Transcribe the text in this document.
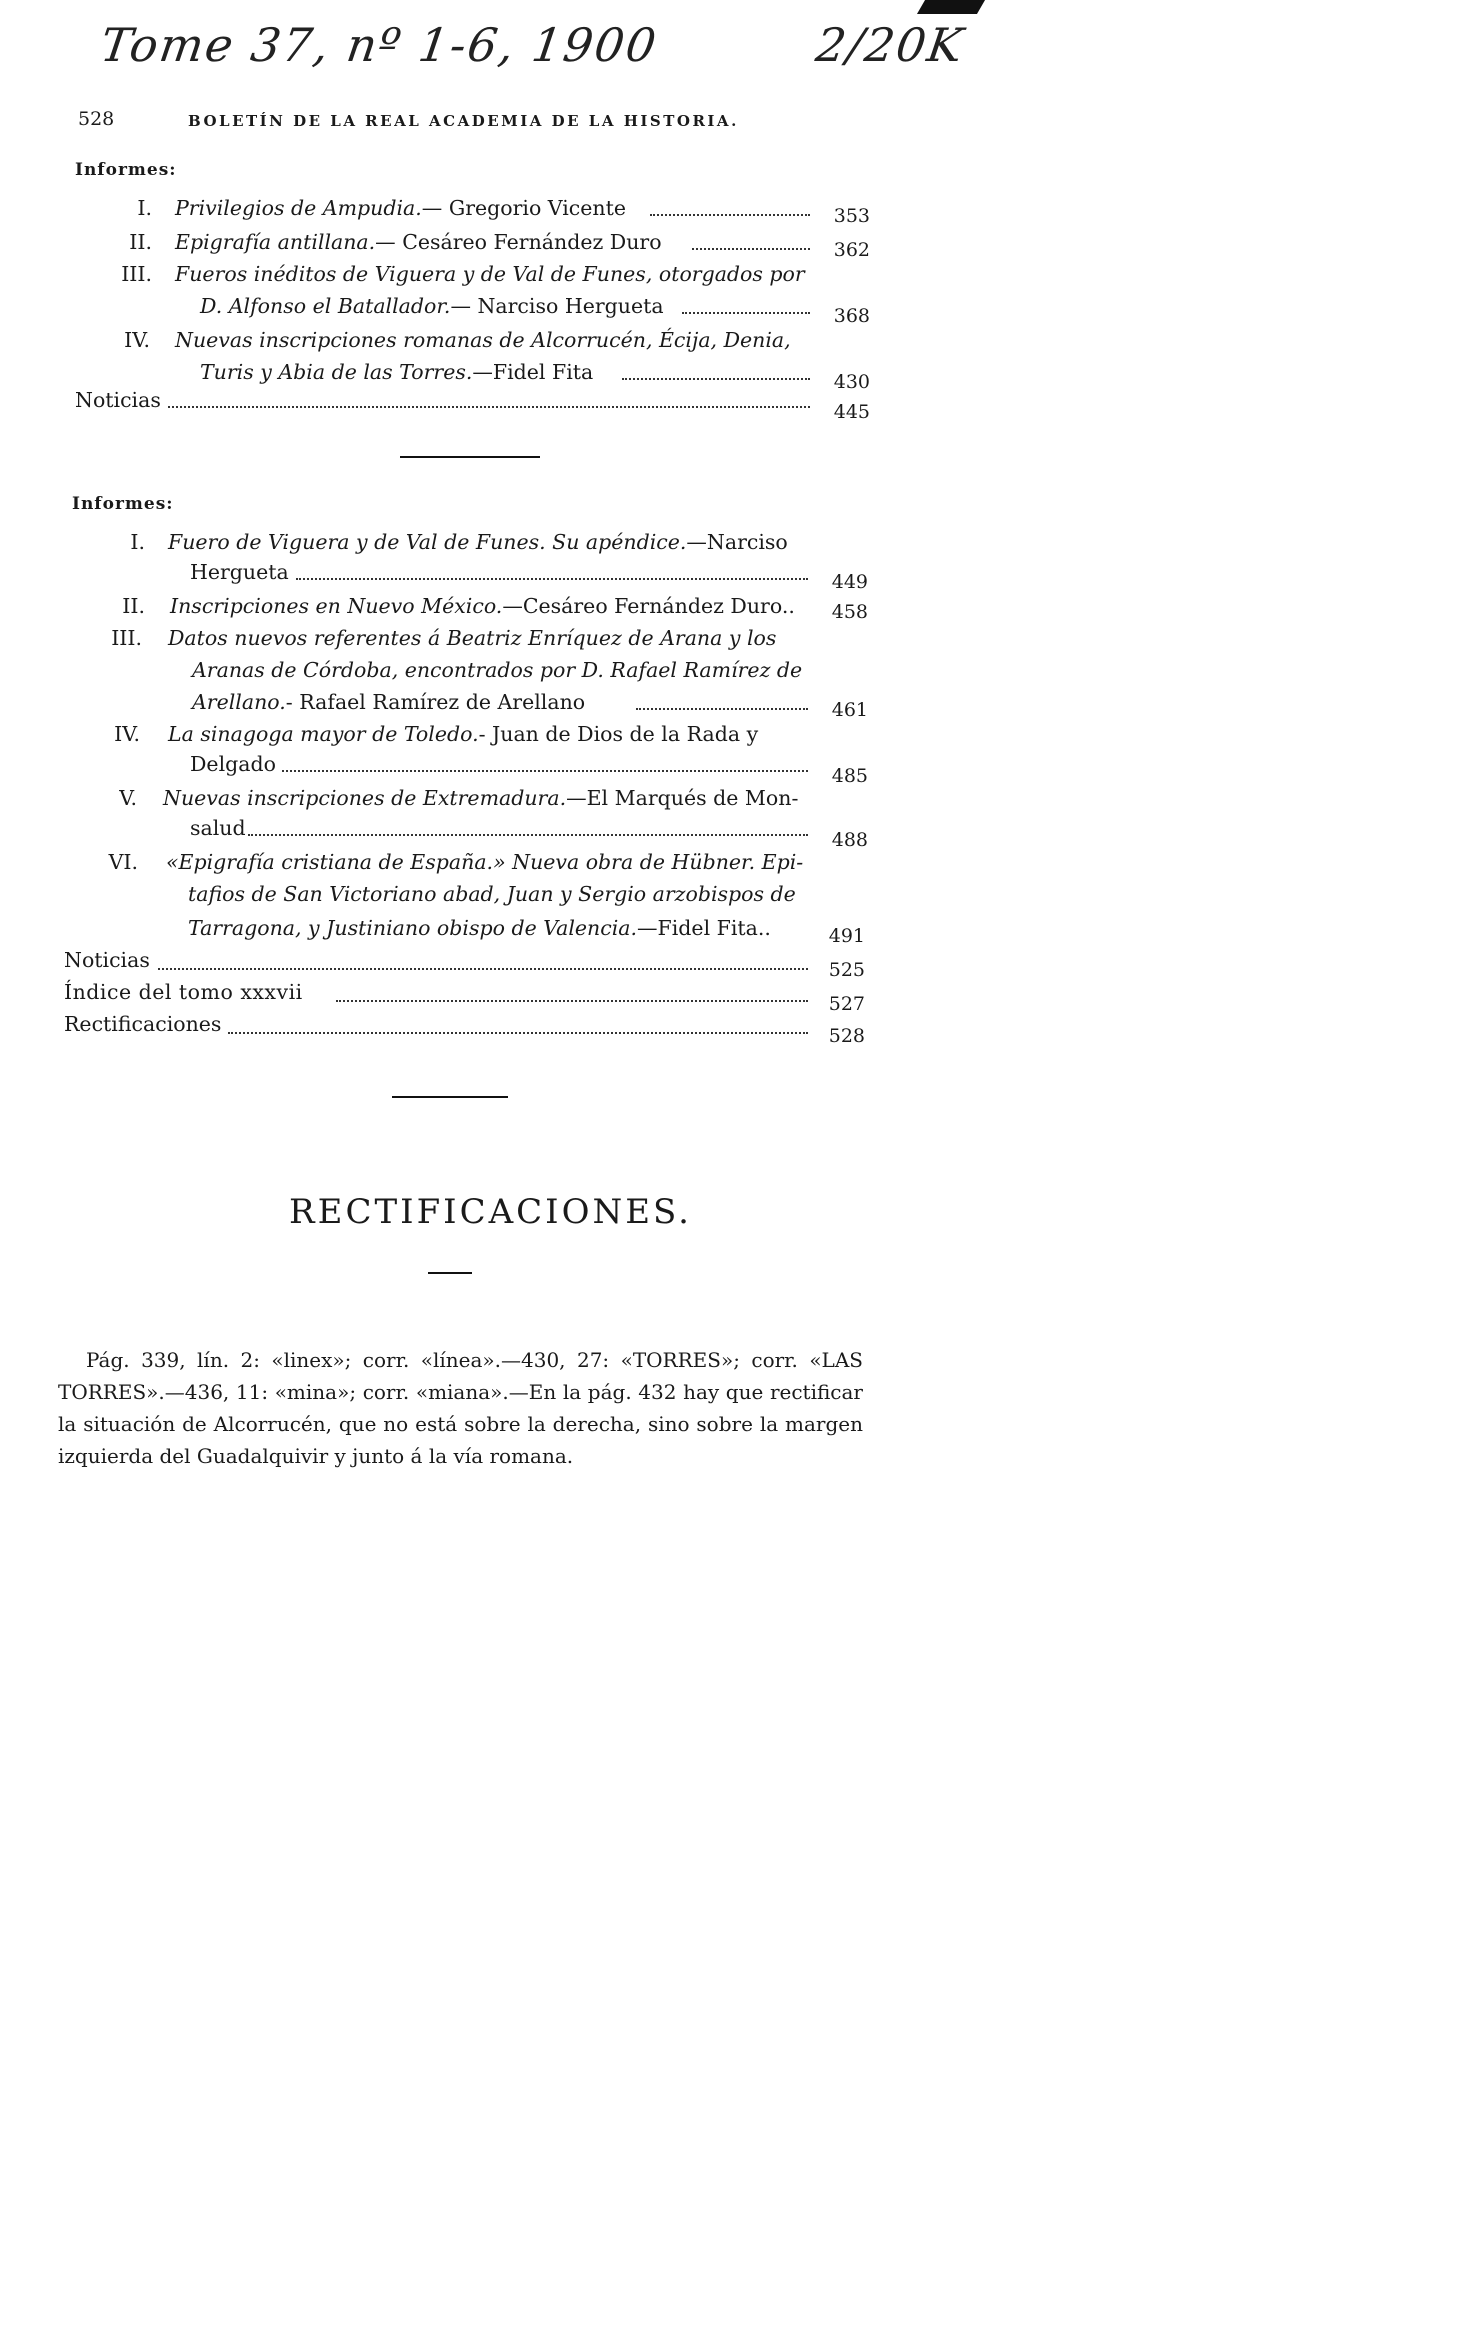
Tome 37, nº 1-6, 1900	2/20K
528	BOLETÍN DE LA REAL ACADEMIA DE LA HISTORIA.
Informes:
I. Privilegios de Ampudia.— Gregorio Vicente	353
II. Epigrafía antillana.— Cesáreo Fernández Duro	362
III. Fueros inéditos de Viguera y de Val de Funes, otorgados por
D. Alfonso el Batallador.— Narciso Hergueta	368
IV. Nuevas inscripciones romanas de Alcorrucén, Écija, Denia,
Turis y Abia de las Torres.—Fidel Fita	430
Noticias	445
Informes:
I. Fuero de Viguera y de Val de Funes. Su apéndice.—Narciso
Hergueta	449
II. Inscripciones en Nuevo México.—Cesáreo Fernández Duro..	458
III. Datos nuevos referentes á Beatriz Enríquez de Arana y los
Aranas de Córdoba, encontrados por D. Rafael Ramírez de
Arellano.- Rafael Ramírez de Arellano	461
IV. La sinagoga mayor de Toledo.- Juan de Dios de la Rada y
Delgado	485
V. Nuevas inscripciones de Extremadura.—El Marqués de Mon-
salud	488
VI. «Epigrafía cristiana de España.» Nueva obra de Hübner. Epi-
tafios de San Victoriano abad, Juan y Sergio arzobispos de
Tarragona, y Justiniano obispo de Valencia.—Fidel Fita..	491
Noticias	525
Índice del tomo xxxvii	527
Rectificaciones	528
RECTIFICACIONES.
Pág. 339, lín. 2: «linex»; corr. «línea».—430, 27: «TORRES»; corr. «LAS TORRES».—436, 11: «mina»; corr. «miana».—En la pág. 432 hay que rectificar la situación de Alcorrucén, que no está sobre la derecha, sino sobre la margen izquierda del Guadalquivir y junto á la vía romana.
